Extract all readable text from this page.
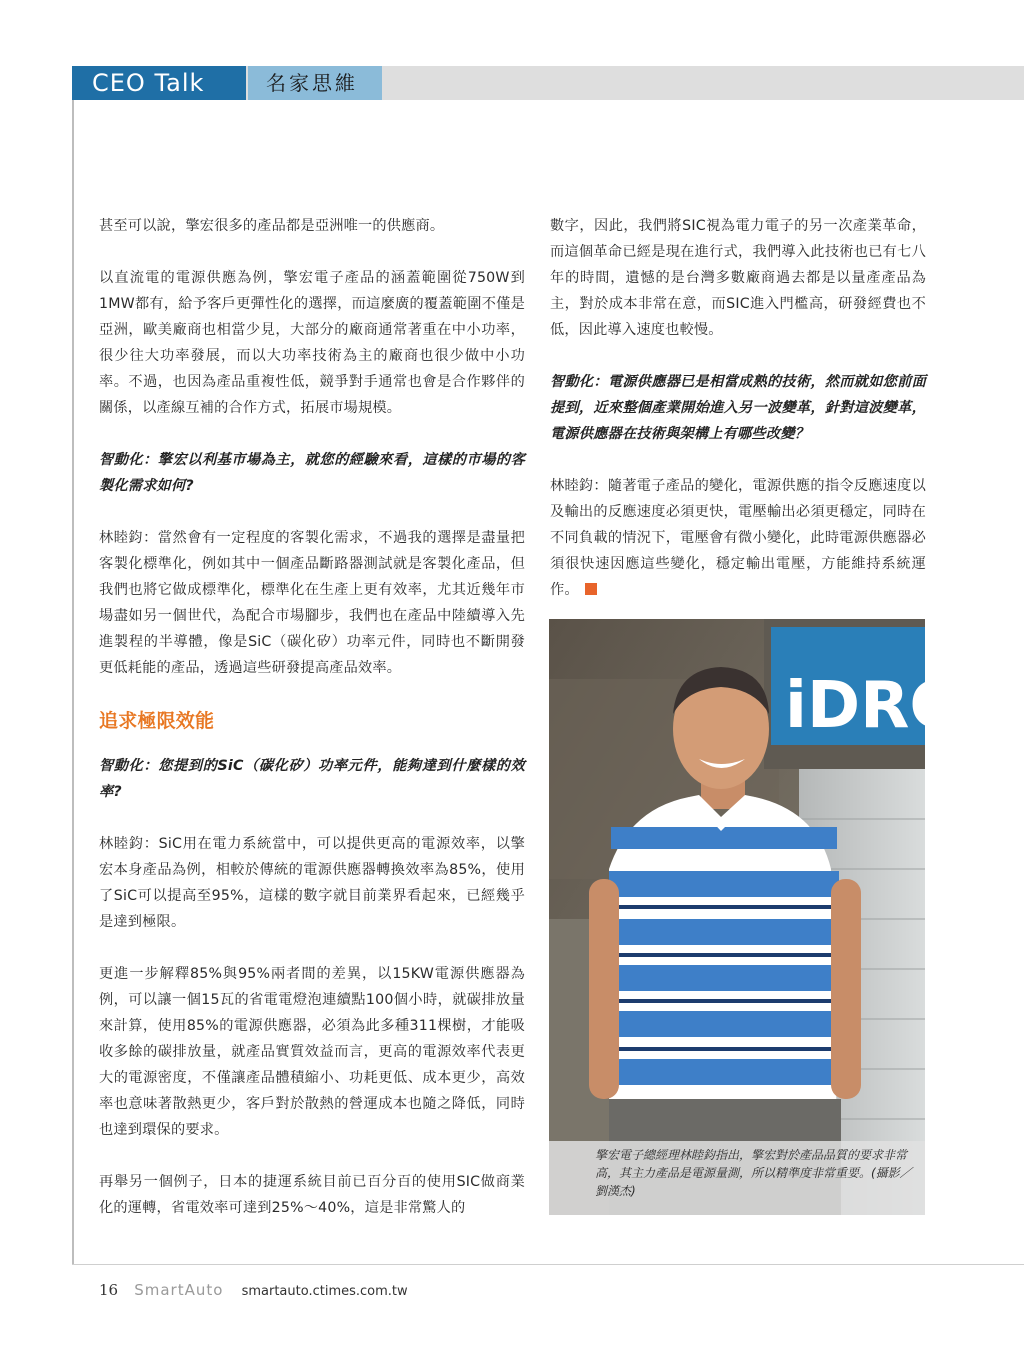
CEO Talk	名家思維

甚至可以說，擎宏很多的產品都是亞洲唯一的供應商。

以直流電的電源供應為例，擎宏電子產品的涵蓋範圍從750W到1MW都有，給予客戶更彈性化的選擇，而這麼廣的覆蓋範圍不僅是亞洲，歐美廠商也相當少見，大部分的廠商通常著重在中小功率，很少往大功率發展，而以大功率技術為主的廠商也很少做中小功率。不過，也因為產品重複性低，競爭對手通常也會是合作夥伴的關係，以產線互補的合作方式，拓展市場規模。

智動化：擎宏以利基市場為主，就您的經驗來看，這樣的市場的客製化需求如何?

林睦鈞：當然會有一定程度的客製化需求，不過我的選擇是盡量把客製化標準化，例如其中一個產品斷路器測試就是客製化產品，但我們也將它做成標準化，標準化在生產上更有效率，尤其近幾年市場盡如另一個世代，為配合市場腳步，我們也在產品中陸續導入先進製程的半導體，像是SiC（碳化矽）功率元件，同時也不斷開發更低耗能的產品，透過這些研發提高產品效率。

追求極限效能

智動化：您提到的SiC（碳化矽）功率元件，能夠達到什麼樣的效率?

林睦鈞：SiC用在電力系統當中，可以提供更高的電源效率，以擎宏本身產品為例，相較於傳統的電源供應器轉換效率為85%，使用了SiC可以提高至95%，這樣的數字就目前業界看起來，已經幾乎是達到極限。

更進一步解釋85%與95%兩者間的差異，以15KW電源供應器為例，可以讓一個15瓦的省電電燈泡連續點100個小時，就碳排放量來計算，使用85%的電源供應器，必須為此多種311棵樹，才能吸收多餘的碳排放量，就產品實質效益而言，更高的電源效率代表更大的電源密度，不僅讓產品體積縮小、功耗更低、成本更少，高效率也意味著散熱更少，客戶對於散熱的營運成本也隨之降低，同時也達到環保的要求。

再舉另一個例子，日本的捷運系統目前已百分百的使用SIC做商業化的運轉，省電效率可達到25%～40%，這是非常驚人的

數字，因此，我們將SIC視為電力電子的另一次產業革命，而這個革命已經是現在進行式，我們導入此技術也已有七八年的時間，遺憾的是台灣多數廠商過去都是以量產產品為主，對於成本非常在意，而SIC進入門檻高，研發經費也不低，因此導入速度也較慢。

智動化：電源供應器已是相當成熟的技術，然而就如您前面提到，近來整個產業開始進入另一波變革，針對這波變革，電源供應器在技術與架構上有哪些改變？

林睦鈞：隨著電子產品的變化，電源供應的指令反應速度以及輸出的反應速度必須更快，電壓輸出必須更穩定，同時在不同負載的情況下，電壓會有微小變化，此時電源供應器必須很快速因應這些變化，穩定輸出電壓，方能維持系統運作。

iDRC
擎宏電子總經理林睦鈞指出，擎宏對於產品品質的要求非常高，其主力產品是電源量測，所以精準度非常重要。(攝影／劉漢杰)
16 SmartAuto smartauto.ctimes.com.tw
